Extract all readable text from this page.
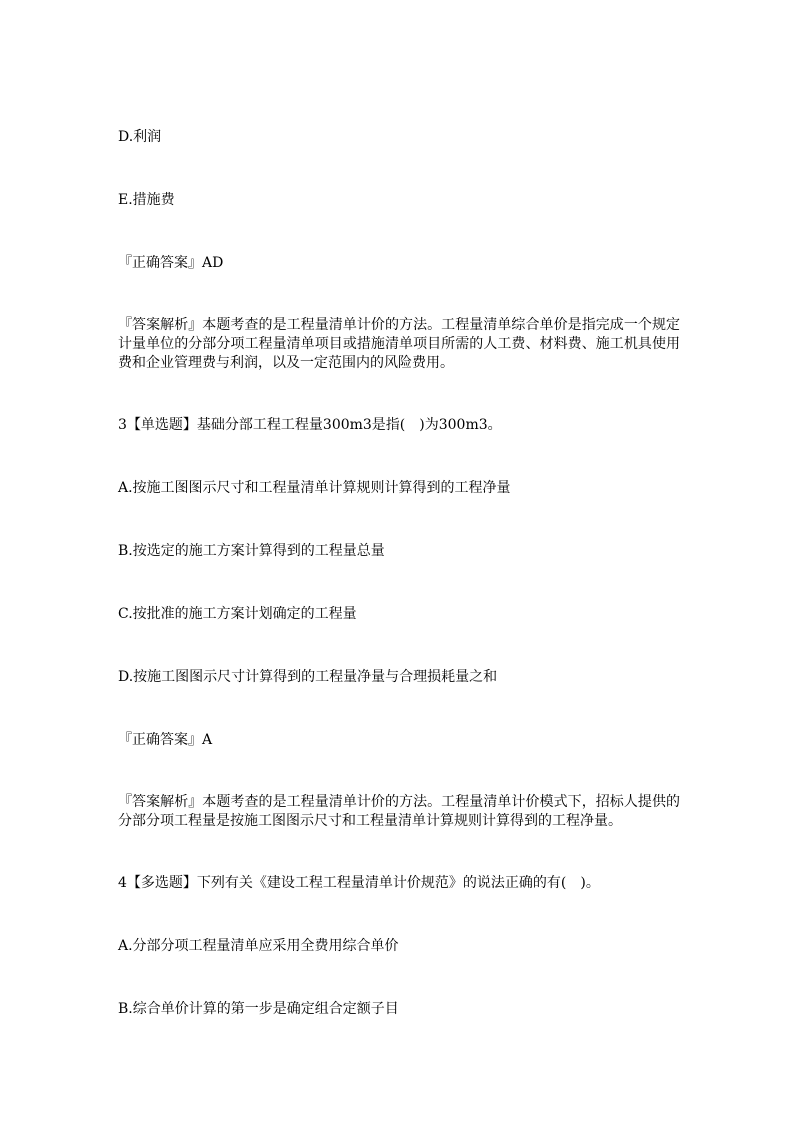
D.利润
E.措施费
『正确答案』AD
『答案解析』本题考查的是工程量清单计价的方法。工程量清单综合单价是指完成一个规定计量单位的分部分项工程量清单项目或措施清单项目所需的人工费、材料费、施工机具使用费和企业管理费与利润，以及一定范围内的风险费用。
3【单选题】基础分部工程工程量300m3是指(　)为300m3。
A.按施工图图示尺寸和工程量清单计算规则计算得到的工程净量
B.按选定的施工方案计算得到的工程量总量
C.按批准的施工方案计划确定的工程量
D.按施工图图示尺寸计算得到的工程量净量与合理损耗量之和
『正确答案』A
『答案解析』本题考查的是工程量清单计价的方法。工程量清单计价模式下，招标人提供的分部分项工程量是按施工图图示尺寸和工程量清单计算规则计算得到的工程净量。
4【多选题】下列有关《建设工程工程量清单计价规范》的说法正确的有(　)。
A.分部分项工程量清单应采用全费用综合单价
B.综合单价计算的第一步是确定组合定额子目
